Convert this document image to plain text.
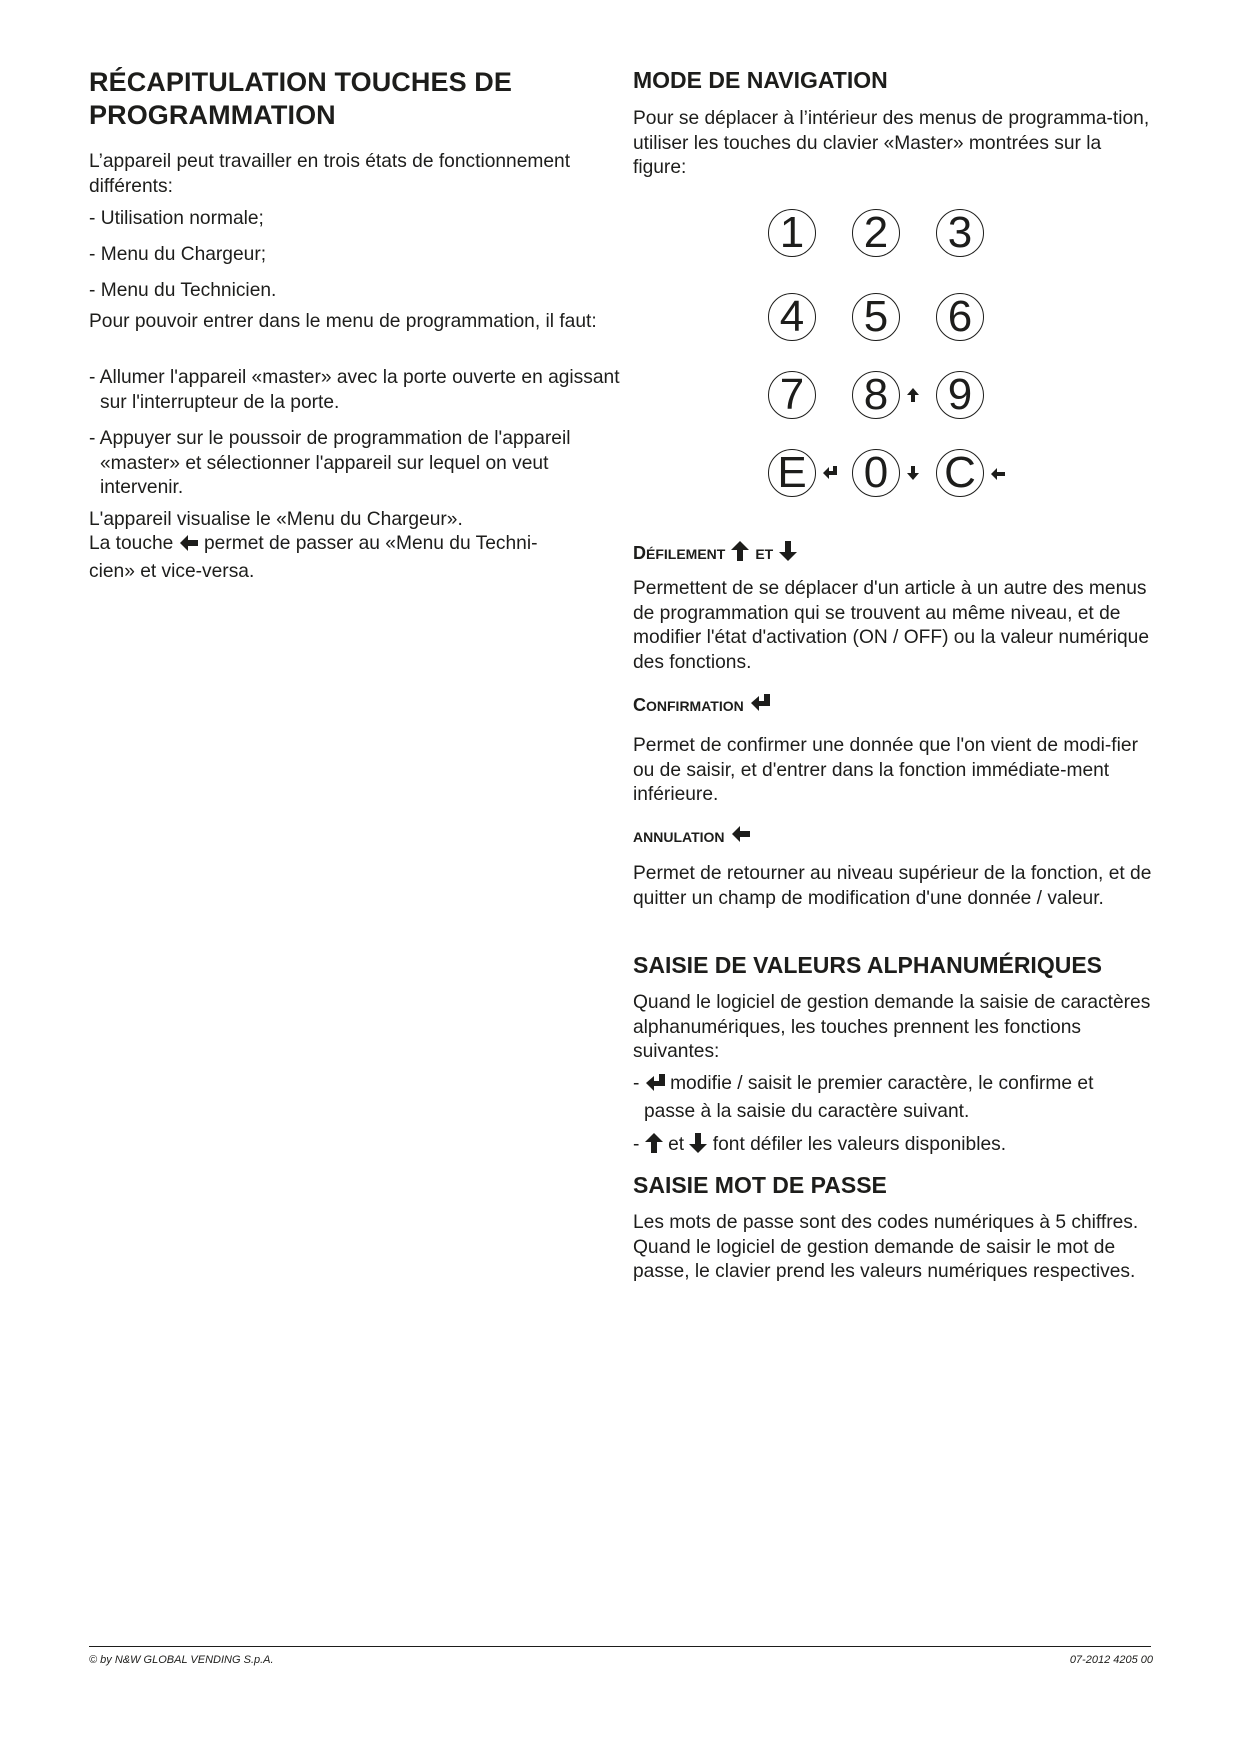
RÉCAPITULATION TOUCHES DE
PROGRAMMATION

L’appareil peut travailler en trois états de fonctionnement différents:

- Utilisation normale;

- Menu du Chargeur;

- Menu du Technicien.

Pour pouvoir entrer dans le menu de programmation, il faut:

- Allumer l'appareil «master» avec la porte ouverte en agissant sur l'interrupteur de la porte.

- Appuyer sur le poussoir de programmation de l'appareil «master» et sélectionner l'appareil sur lequel on veut intervenir.

L'appareil visualise le «Menu du Chargeur».

La touche permet de passer au «Menu du Techni-
cien» et vice-versa.

MODE DE NAVIGATION

Pour se déplacer à l’intérieur des menus de programma-tion, utiliser les touches du clavier «Master» montrées sur la figure:

1 2 3
4 5 6
7 8 9
E 0 C
DÉFILEMENT ET

Permettent de se déplacer d'un article à un autre des menus de programmation qui se trouvent au même niveau, et de modifier l'état d'activation (ON / OFF) ou la valeur numérique des fonctions.

CONFIRMATION

Permet de confirmer une donnée que l'on vient de modi-fier ou de saisir, et d'entrer dans la fonction immédiate-ment inférieure.

ANNULATION

Permet de retourner au niveau supérieur de la fonction, et de quitter un champ de modification d'une donnée / valeur.

SAISIE DE VALEURS ALPHANUMÉRIQUES

Quand le logiciel de gestion demande la saisie de caractères alphanumériques, les touches prennent les fonctions suivantes:

-  modifie / saisit le premier caractère, le confirme et
passe à la saisie du caractère suivant.

-  et font défiler les valeurs disponibles.

SAISIE MOT DE PASSE

Les mots de passe sont des codes numériques à 5 chiffres. Quand le logiciel de gestion demande de saisir le mot de passe, le clavier prend les valeurs numériques respectives.

© by N&W GLOBAL VENDING S.p.A.	07-2012 4205 00
